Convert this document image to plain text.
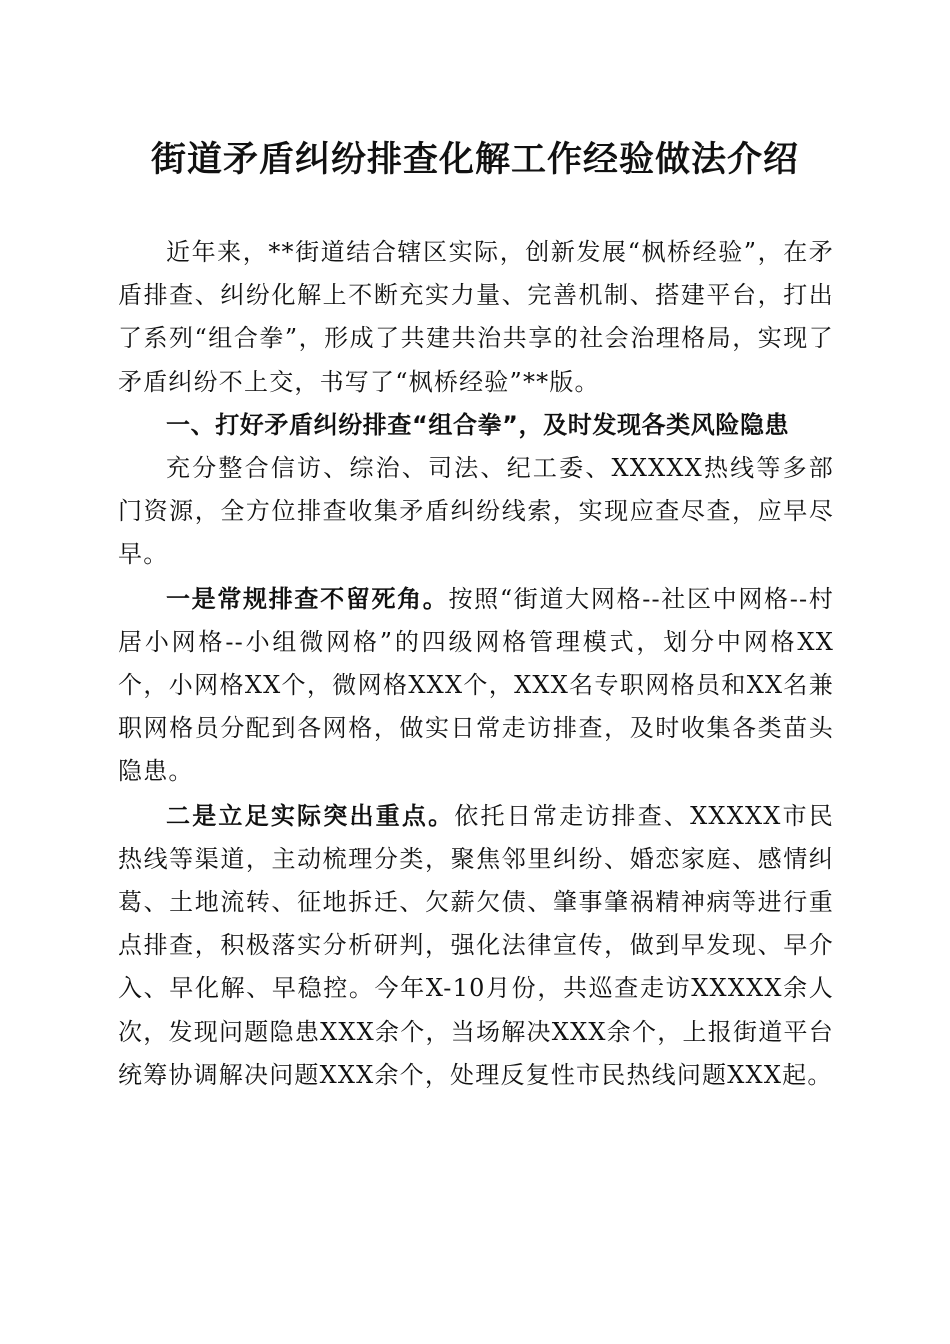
街道矛盾纠纷排查化解工作经验做法介绍

近年来，**街道结合辖区实际，创新发展“枫桥经验”，在矛盾排查、纠纷化解上不断充实力量、完善机制、搭建平台，打出了系列“组合拳”，形成了共建共治共享的社会治理格局，实现了矛盾纠纷不上交，书写了“枫桥经验”**版。

一、打好矛盾纠纷排查“组合拳”，及时发现各类风险隐患

充分整合信访、综治、司法、纪工委、XXXXX热线等多部门资源，全方位排查收集矛盾纠纷线索，实现应查尽查，应早尽早。

一是常规排查不留死角。按照“街道大网格--社区中网格--村居小网格--小组微网格”的四级网格管理模式，划分中网格XX个，小网格XX个，微网格XXX个，XXX名专职网格员和XX名兼职网格员分配到各网格，做实日常走访排查，及时收集各类苗头隐患。

二是立足实际突出重点。依托日常走访排查、XXXXX市民热线等渠道，主动梳理分类，聚焦邻里纠纷、婚恋家庭、感情纠葛、土地流转、征地拆迁、欠薪欠债、肇事肇祸精神病等进行重点排查，积极落实分析研判，强化法律宣传，做到早发现、早介入、早化解、早稳控。今年X-10月份，共巡查走访XXXXX余人次，发现问题隐患XXX余个，当场解决XXX余个，上报街道平台统筹协调解决问题XXX余个，处理反复性市民热线问题XXX起。
